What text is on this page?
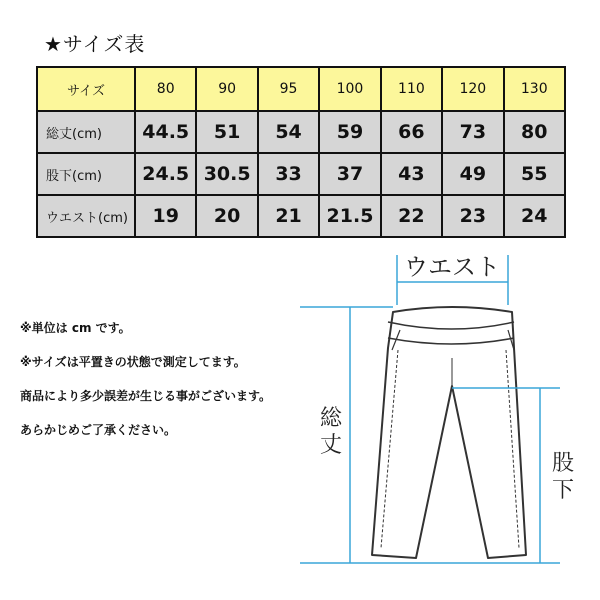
★サイズ表
サイズ	80	90	95	100	110	120	130
総丈(cm)	44.5	51	54	59	66	73	80
股下(cm)	24.5	30.5	33	37	43	49	55
ウエスト(cm)	19	20	21	21.5	22	23	24
※単位は cm です。
※サイズは平置きの状態で測定してます。
商品により多少誤差が生じる事がございます。
あらかじめご了承ください。
ウエスト
総
丈
股
下
